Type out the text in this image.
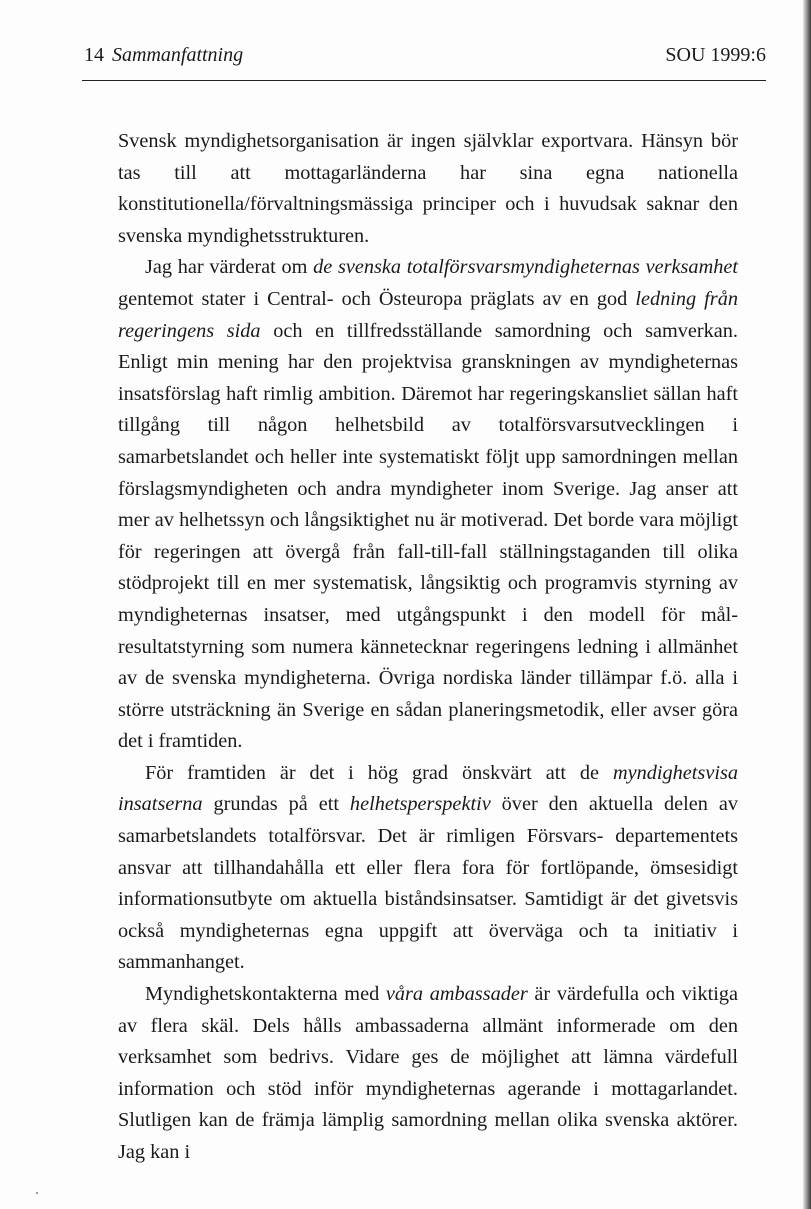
14 Sammanfattning	SOU 1999:6

Svensk myndighetsorganisation är ingen självklar exportvara. Hänsyn bör tas till att mottagarländerna har sina egna nationella konstitutionella/förvaltningsmässiga principer och i huvudsak saknar den svenska myndighetsstrukturen.

Jag har värderat om de svenska totalförsvarsmyndigheternas verksamhet gentemot stater i Central- och Östeuropa präglats av en god ledning från regeringens sida och en tillfredsställande samordning och samverkan. Enligt min mening har den projektvisa granskningen av myndigheternas insatsförslag haft rimlig ambition. Däremot har regeringskansliet sällan haft tillgång till någon helhetsbild av totalförsvarsutvecklingen i samarbetslandet och heller inte systematiskt följt upp samordningen mellan förslagsmyndigheten och andra myndigheter inom Sverige. Jag anser att mer av helhetssyn och långsiktighet nu är motiverad. Det borde vara möjligt för regeringen att övergå från fall-till-fall ställningstaganden till olika stödprojekt till en mer systematisk, långsiktig och programvis styrning av myndigheternas insatser, med utgångspunkt i den modell för mål- resultatstyrning som numera kännetecknar regeringens ledning i allmänhet av de svenska myndigheterna. Övriga nordiska länder tillämpar f.ö. alla i större utsträckning än Sverige en sådan planeringsmetodik, eller avser göra det i framtiden.

För framtiden är det i hög grad önskvärt att de myndighetsvisa insatserna grundas på ett helhetsperspektiv över den aktuella delen av samarbetslandets totalförsvar. Det är rimligen Försvars- departementets ansvar att tillhandahålla ett eller flera fora för fortlöpande, ömsesidigt informationsutbyte om aktuella biståndsinsatser. Samtidigt är det givetsvis också myndigheternas egna uppgift att överväga och ta initiativ i sammanhanget.

Myndighetskontakterna med våra ambassader är värdefulla och viktiga av flera skäl. Dels hålls ambassaderna allmänt informerade om den verksamhet som bedrivs. Vidare ges de möjlighet att lämna värdefull information och stöd inför myndigheternas agerande i mottagarlandet. Slutligen kan de främja lämplig samordning mellan olika svenska aktörer. Jag kan i
